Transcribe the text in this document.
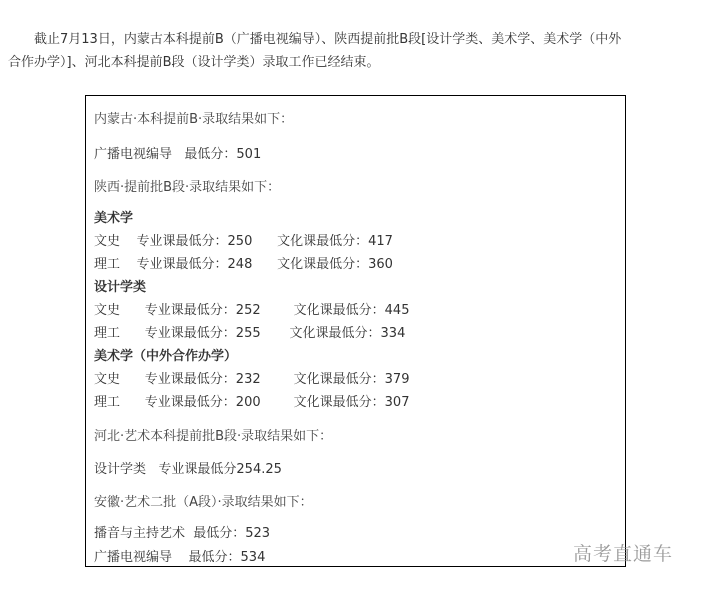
截止7月13日，内蒙古本科提前B（广播电视编导）、陕西提前批B段[设计学类、美术学、美术学（中外
合作办学）]、河北本科提前B段（设计学类）录取工作已经结束。
内蒙古·本科提前B·录取结果如下：
广播电视编导   最低分：501
陕西·提前批B段·录取结果如下：
美术学
文史    专业课最低分：250      文化课最低分：417
理工    专业课最低分：248      文化课最低分：360
设计学类
文史      专业课最低分：252        文化课最低分：445
理工      专业课最低分：255       文化课最低分：334
美术学（中外合作办学）
文史      专业课最低分：232        文化课最低分：379
理工      专业课最低分：200        文化课最低分：307
河北·艺术本科提前批B段·录取结果如下：
设计学类   专业课最低分254.25
安徽·艺术二批（A段）·录取结果如下：
播音与主持艺术  最低分：523
广播电视编导    最低分：534	高考直通车
